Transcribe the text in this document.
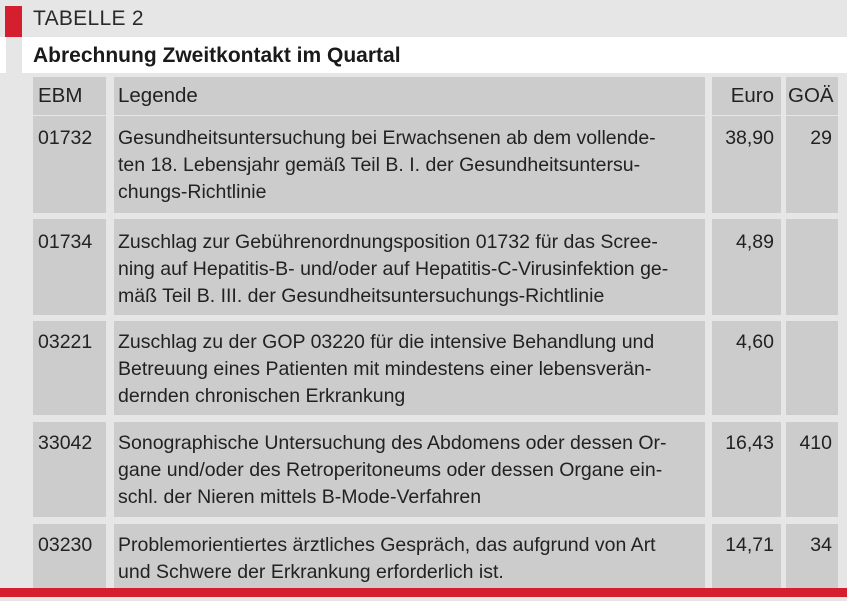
TABELLE 2
Abrechnung Zweitkontakt im Quartal
EBM	Legende	Euro GOÄ
01732	Gesundheitsuntersuchung bei Erwachsenen ab dem vollende-
ten 18. Lebensjahr gemäß Teil B. I. der Gesundheitsuntersu-
chungs-Richtlinie
38,90	29
01734	Zuschlag zur Gebührenordnungsposition 01732 für das Scree-
ning auf Hepatitis-B- und/oder auf Hepatitis-C-Virusinfektion ge-
mäß Teil B. III. der Gesundheitsuntersuchungs-Richtlinie
4,89
03221	Zuschlag zu der GOP 03220 für die intensive Behandlung und
Betreuung eines Patienten mit mindestens einer lebensverän-
dernden chronischen Erkrankung
4,60
33042	Sonographische Untersuchung des Abdomens oder dessen Or-
gane und/oder des Retroperitoneums oder dessen Organe ein-
schl. der Nieren mittels B-Mode-Verfahren
16,43	410
03230	Problemorientiertes ärztliches Gespräch, das aufgrund von Art
und Schwere der Erkrankung erforderlich ist.
14,71	34
